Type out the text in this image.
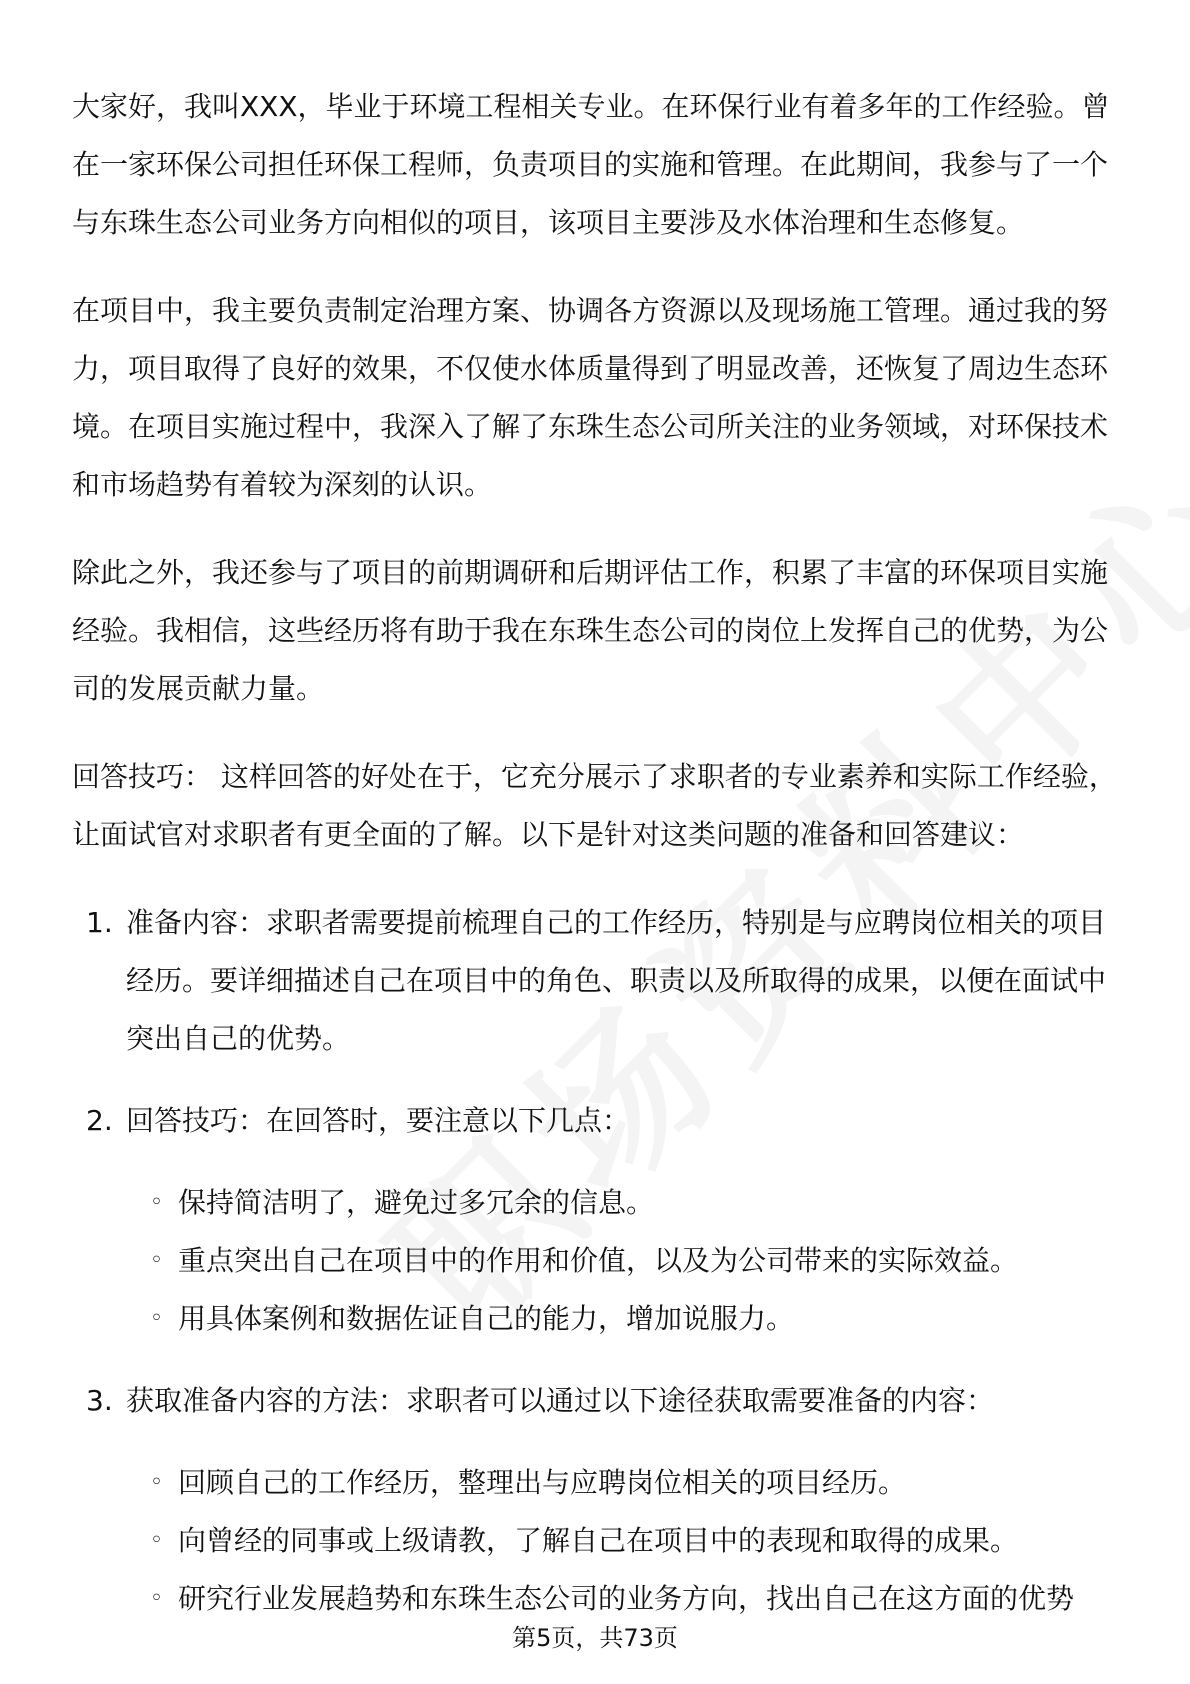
大家好，我叫XXX，毕业于环境工程相关专业。在环保行业有着多年的工作经验。曾在一家环保公司担任环保工程师，负责项目的实施和管理。在此期间，我参与了一个与东珠生态公司业务方向相似的项目，该项目主要涉及水体治理和生态修复。

在项目中，我主要负责制定治理方案、协调各方资源以及现场施工管理。通过我的努力，项目取得了良好的效果，不仅使水体质量得到了明显改善，还恢复了周边生态环境。在项目实施过程中，我深入了解了东珠生态公司所关注的业务领域，对环保技术和市场趋势有着较为深刻的认识。

除此之外，我还参与了项目的前期调研和后期评估工作，积累了丰富的环保项目实施经验。我相信，这些经历将有助于我在东珠生态公司的岗位上发挥自己的优势，为公司的发展贡献力量。

回答技巧： 这样回答的好处在于，它充分展示了求职者的专业素养和实际工作经验，让面试官对求职者有更全面的了解。以下是针对这类问题的准备和回答建议：

1. 准备内容：求职者需要提前梳理自己的工作经历，特别是与应聘岗位相关的项目经历。要详细描述自己在项目中的角色、职责以及所取得的成果，以便在面试中突出自己的优势。
2. 回答技巧：在回答时，要注意以下几点：
◦ 保持简洁明了，避免过多冗余的信息。
◦ 重点突出自己在项目中的作用和价值，以及为公司带来的实际效益。
◦ 用具体案例和数据佐证自己的能力，增加说服力。
3. 获取准备内容的方法：求职者可以通过以下途径获取需要准备的内容：
◦ 回顾自己的工作经历，整理出与应聘岗位相关的项目经历。
◦ 向曾经的同事或上级请教，了解自己在项目中的表现和取得的成果。
◦ 研究行业发展趋势和东珠生态公司的业务方向，找出自己在这方面的优势
第5页，共73页
